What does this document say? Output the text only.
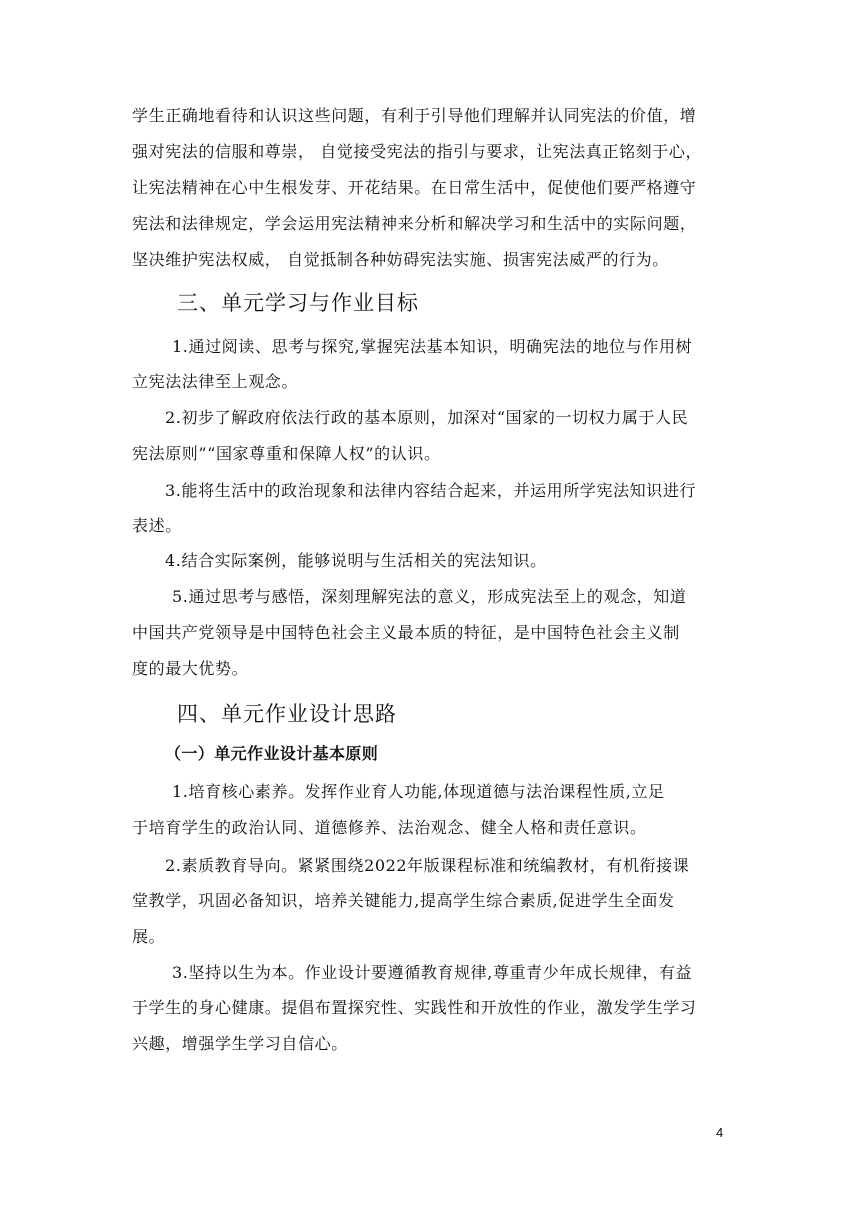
学生正确地看待和认识这些问题，有利于引导他们理解并认同宪法的价值，增
强对宪法的信服和尊崇， 自觉接受宪法的指引与要求，让宪法真正铭刻于心，
让宪法精神在心中生根发芽、开花结果。在日常生活中，促使他们要严格遵守
宪法和法律规定，学会运用宪法精神来分析和解决学习和生活中的实际问题，
坚决维护宪法权威， 自觉抵制各种妨碍宪法实施、损害宪法威严的行为。
三、单元学习与作业目标
1.通过阅读、思考与探究,掌握宪法基本知识，明确宪法的地位与作用树
立宪法法律至上观念。
2.初步了解政府依法行政的基本原则，加深对“国家的一切权力属于人民
宪法原则”“国家尊重和保障人权”的认识。
3.能将生活中的政治现象和法律内容结合起来，并运用所学宪法知识进行
表述。
4.结合实际案例，能够说明与生活相关的宪法知识。
5.通过思考与感悟，深刻理解宪法的意义，形成宪法至上的观念，知道
中国共产党领导是中国特色社会主义最本质的特征，是中国特色社会主义制
度的最大优势。
四、单元作业设计思路
（一）单元作业设计基本原则
1.培育核心素养。发挥作业育人功能,体现道德与法治课程性质,立足
于培育学生的政治认同、道德修养、法治观念、健全人格和责任意识。
2.素质教育导向。紧紧围绕2022年版课程标准和统编教材，有机衔接课
堂教学，巩固必备知识，培养关键能力,提高学生综合素质,促进学生全面发
展。
3.坚持以生为本。作业设计要遵循教育规律,尊重青少年成长规律，有益
于学生的身心健康。提倡布置探究性、实践性和开放性的作业，激发学生学习
兴趣，增强学生学习自信心。
4
